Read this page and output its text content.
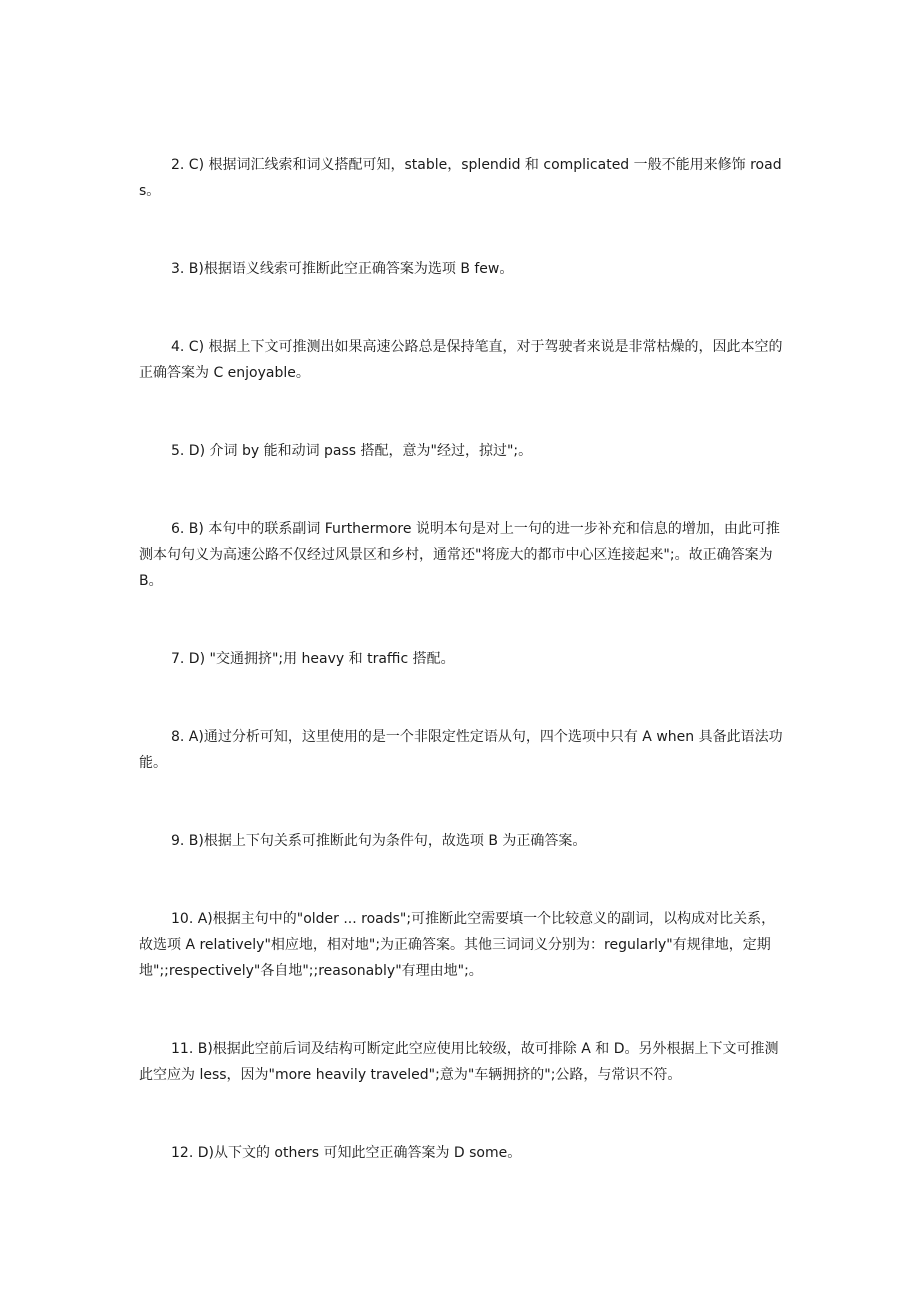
2. C) 根据词汇线索和词义搭配可知，stable，splendid 和 complicated 一般不能用来修饰 roads。

3. B)根据语义线索可推断此空正确答案为选项 B few。

4. C) 根据上下文可推测出如果高速公路总是保持笔直，对于驾驶者来说是非常枯燥的，因此本空的正确答案为 C enjoyable。

5. D) 介词 by 能和动词 pass 搭配，意为"经过，掠过";。

6. B) 本句中的联系副词 Furthermore 说明本句是对上一句的进一步补充和信息的增加，由此可推测本句句义为高速公路不仅经过风景区和乡村，通常还"将庞大的都市中心区连接起来";。故正确答案为 B。

7. D) "交通拥挤";用 heavy 和 traffic 搭配。

8. A)通过分析可知，这里使用的是一个非限定性定语从句，四个选项中只有 A when 具备此语法功能。

9. B)根据上下句关系可推断此句为条件句，故选项 B 为正确答案。

10. A)根据主句中的"older ... roads";可推断此空需要填一个比较意义的副词，以构成对比关系，故选项 A relatively"相应地，相对地";为正确答案。其他三词词义分别为：regularly"有规律地，定期地";;respectively"各自地";;reasonably"有理由地";。

11. B)根据此空前后词及结构可断定此空应使用比较级，故可排除 A 和 D。另外根据上下文可推测此空应为 less，因为"more heavily traveled";意为"车辆拥挤的";公路，与常识不符。

12. D)从下文的 others 可知此空正确答案为 D some。
